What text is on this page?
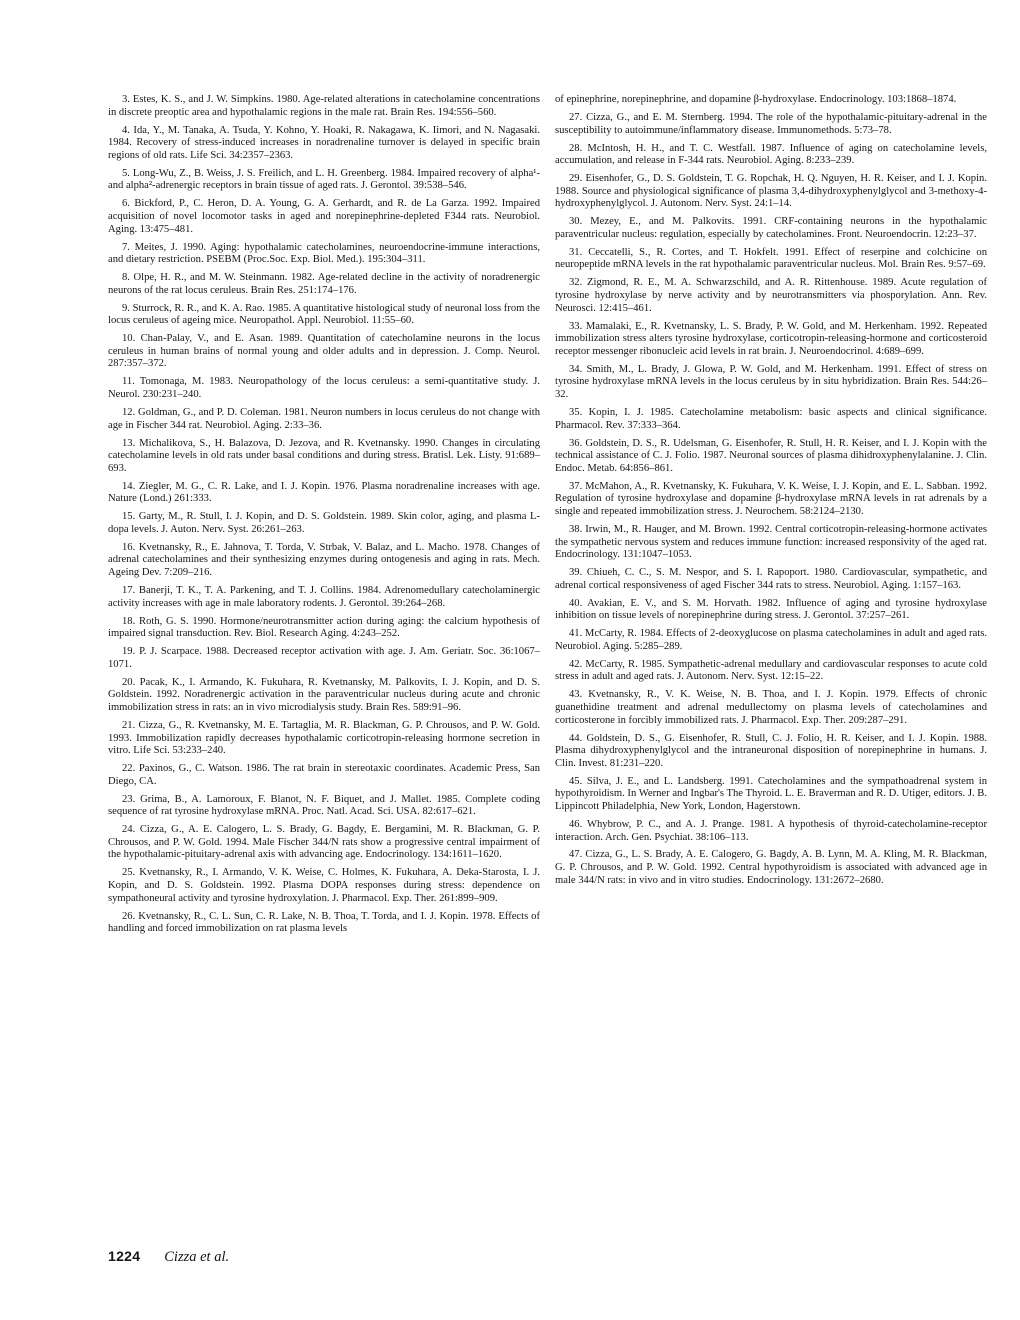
3. Estes, K. S., and J. W. Simpkins. 1980. Age-related alterations in catecholamine concentrations in discrete preoptic area and hypothalamic regions in the male rat. Brain Res. 194:556–560.

4. Ida, Y., M. Tanaka, A. Tsuda, Y. Kohno, Y. Hoaki, R. Nakagawa, K. Iimori, and N. Nagasaki. 1984. Recovery of stress-induced increases in noradrenaline turnover is delayed in specific brain regions of old rats. Life Sci. 34:2357–2363.

5. Long-Wu, Z., B. Weiss, J. S. Freilich, and L. H. Greenberg. 1984. Impaired recovery of alpha¹- and alpha²-adrenergic receptors in brain tissue of aged rats. J. Gerontol. 39:538–546.

6. Bickford, P., C. Heron, D. A. Young, G. A. Gerhardt, and R. de La Garza. 1992. Impaired acquisition of novel locomotor tasks in aged and norepinephrine-depleted F344 rats. Neurobiol. Aging. 13:475–481.

7. Meites, J. 1990. Aging: hypothalamic catecholamines, neuroendocrine-immune interactions, and dietary restriction. PSEBM (Proc.Soc. Exp. Biol. Med.). 195:304–311.

8. Olpe, H. R., and M. W. Steinmann. 1982. Age-related decline in the activity of noradrenergic neurons of the rat locus ceruleus. Brain Res. 251:174–176.

9. Sturrock, R. R., and K. A. Rao. 1985. A quantitative histological study of neuronal loss from the locus ceruleus of ageing mice. Neuropathol. Appl. Neurobiol. 11:55–60.

10. Chan-Palay, V., and E. Asan. 1989. Quantitation of catecholamine neurons in the locus ceruleus in human brains of normal young and older adults and in depression. J. Comp. Neurol. 287:357–372.

11. Tomonaga, M. 1983. Neuropathology of the locus ceruleus: a semi-quantitative study. J. Neurol. 230:231–240.

12. Goldman, G., and P. D. Coleman. 1981. Neuron numbers in locus ceruleus do not change with age in Fischer 344 rat. Neurobiol. Aging. 2:33–36.

13. Michalikova, S., H. Balazova, D. Jezova, and R. Kvetnansky. 1990. Changes in circulating catecholamine levels in old rats under basal conditions and during stress. Bratisl. Lek. Listy. 91:689–693.

14. Ziegler, M. G., C. R. Lake, and I. J. Kopin. 1976. Plasma noradrenaline increases with age. Nature (Lond.) 261:333.

15. Garty, M., R. Stull, I. J. Kopin, and D. S. Goldstein. 1989. Skin color, aging, and plasma L-dopa levels. J. Auton. Nerv. Syst. 26:261–263.

16. Kvetnansky, R., E. Jahnova, T. Torda, V. Strbak, V. Balaz, and L. Macho. 1978. Changes of adrenal catecholamines and their synthesizing enzymes during ontogenesis and aging in rats. Mech. Ageing Dev. 7:209–216.

17. Banerji, T. K., T. A. Parkening, and T. J. Collins. 1984. Adrenomedullary catecholaminergic activity increases with age in male laboratory rodents. J. Gerontol. 39:264–268.

18. Roth, G. S. 1990. Hormone/neurotransmitter action during aging: the calcium hypothesis of impaired signal transduction. Rev. Biol. Research Aging. 4:243–252.

19. P. J. Scarpace. 1988. Decreased receptor activation with age. J. Am. Geriatr. Soc. 36:1067–1071.

20. Pacak, K., I. Armando, K. Fukuhara, R. Kvetnansky, M. Palkovits, I. J. Kopin, and D. S. Goldstein. 1992. Noradrenergic activation in the paraventricular nucleus during acute and chronic immobilization stress in rats: an in vivo microdialysis study. Brain Res. 589:91–96.

21. Cizza, G., R. Kvetnansky, M. E. Tartaglia, M. R. Blackman, G. P. Chrousos, and P. W. Gold. 1993. Immobilization rapidly decreases hypothalamic corticotropin-releasing hormone secretion in vitro. Life Sci. 53:233–240.

22. Paxinos, G., C. Watson. 1986. The rat brain in stereotaxic coordinates. Academic Press, San Diego, CA.

23. Grima, B., A. Lamoroux, F. Blanot, N. F. Biquet, and J. Mallet. 1985. Complete coding sequence of rat tyrosine hydroxylase mRNA. Proc. Natl. Acad. Sci. USA. 82:617–621.

24. Cizza, G., A. E. Calogero, L. S. Brady, G. Bagdy, E. Bergamini, M. R. Blackman, G. P. Chrousos, and P. W. Gold. 1994. Male Fischer 344/N rats show a progressive central impairment of the hypothalamic-pituitary-adrenal axis with advancing age. Endocrinology. 134:1611–1620.

25. Kvetnansky, R., I. Armando, V. K. Weise, C. Holmes, K. Fukuhara, A. Deka-Starosta, I. J. Kopin, and D. S. Goldstein. 1992. Plasma DOPA responses during stress: dependence on sympathoneural activity and tyrosine hydroxylation. J. Pharmacol. Exp. Ther. 261:899–909.

26. Kvetnansky, R., C. L. Sun, C. R. Lake, N. B. Thoa, T. Torda, and I. J. Kopin. 1978. Effects of handling and forced immobilization on rat plasma levels

of epinephrine, norepinephrine, and dopamine β-hydroxylase. Endocrinology. 103:1868–1874.

27. Cizza, G., and E. M. Sternberg. 1994. The role of the hypothalamic-pituitary-adrenal in the susceptibility to autoimmune/inflammatory disease. Immunomethods. 5:73–78.

28. McIntosh, H. H., and T. C. Westfall. 1987. Influence of aging on catecholamine levels, accumulation, and release in F-344 rats. Neurobiol. Aging. 8:233–239.

29. Eisenhofer, G., D. S. Goldstein, T. G. Ropchak, H. Q. Nguyen, H. R. Keiser, and I. J. Kopin. 1988. Source and physiological significance of plasma 3,4-dihydroxyphenylglycol and 3-methoxy-4-hydroxyphenylglycol. J. Autonom. Nerv. Syst. 24:1–14.

30. Mezey, E., and M. Palkovits. 1991. CRF-containing neurons in the hypothalamic paraventricular nucleus: regulation, especially by catecholamines. Front. Neuroendocrin. 12:23–37.

31. Ceccatelli, S., R. Cortes, and T. Hokfelt. 1991. Effect of reserpine and colchicine on neuropeptide mRNA levels in the rat hypothalamic paraventricular nucleus. Mol. Brain Res. 9:57–69.

32. Zigmond, R. E., M. A. Schwarzschild, and A. R. Rittenhouse. 1989. Acute regulation of tyrosine hydroxylase by nerve activity and by neurotransmitters via phosporylation. Ann. Rev. Neurosci. 12:415–461.

33. Mamalaki, E., R. Kvetnansky, L. S. Brady, P. W. Gold, and M. Herkenham. 1992. Repeated immobilization stress alters tyrosine hydroxylase, corticotropin-releasing-hormone and corticosteroid receptor messenger ribonucleic acid levels in rat brain. J. Neuroendocrinol. 4:689–699.

34. Smith, M., L. Brady, J. Glowa, P. W. Gold, and M. Herkenham. 1991. Effect of stress on tyrosine hydroxylase mRNA levels in the locus ceruleus by in situ hybridization. Brain Res. 544:26–32.

35. Kopin, I. J. 1985. Catecholamine metabolism: basic aspects and clinical significance. Pharmacol. Rev. 37:333–364.

36. Goldstein, D. S., R. Udelsman, G. Eisenhofer, R. Stull, H. R. Keiser, and I. J. Kopin with the technical assistance of C. J. Folio. 1987. Neuronal sources of plasma dihidroxyphenylalanine. J. Clin. Endoc. Metab. 64:856–861.

37. McMahon, A., R. Kvetnansky, K. Fukuhara, V. K. Weise, I. J. Kopin, and E. L. Sabban. 1992. Regulation of tyrosine hydroxylase and dopamine β-hydroxylase mRNA levels in rat adrenals by a single and repeated immobilization stress. J. Neurochem. 58:2124–2130.

38. Irwin, M., R. Hauger, and M. Brown. 1992. Central corticotropin-releasing-hormone activates the sympathetic nervous system and reduces immune function: increased responsivity of the aged rat. Endocrinology. 131:1047–1053.

39. Chiueh, C. C., S. M. Nespor, and S. I. Rapoport. 1980. Cardiovascular, sympathetic, and adrenal cortical responsiveness of aged Fischer 344 rats to stress. Neurobiol. Aging. 1:157–163.

40. Avakian, E. V., and S. M. Horvath. 1982. Influence of aging and tyrosine hydroxylase inhibition on tissue levels of norepinephrine during stress. J. Gerontol. 37:257–261.

41. McCarty, R. 1984. Effects of 2-deoxyglucose on plasma catecholamines in adult and aged rats. Neurobiol. Aging. 5:285–289.

42. McCarty, R. 1985. Sympathetic-adrenal medullary and cardiovascular responses to acute cold stress in adult and aged rats. J. Autonom. Nerv. Syst. 12:15–22.

43. Kvetnansky, R., V. K. Weise, N. B. Thoa, and I. J. Kopin. 1979. Effects of chronic guanethidine treatment and adrenal medullectomy on plasma levels of catecholamines and corticosterone in forcibly immobilized rats. J. Pharmacol. Exp. Ther. 209:287–291.

44. Goldstein, D. S., G. Eisenhofer, R. Stull, C. J. Folio, H. R. Keiser, and I. J. Kopin. 1988. Plasma dihydroxyphenylglycol and the intraneuronal disposition of norepinephrine in humans. J. Clin. Invest. 81:231–220.

45. Silva, J. E., and L. Landsberg. 1991. Catecholamines and the sympathoadrenal system in hypothyroidism. In Werner and Ingbar's The Thyroid. L. E. Braverman and R. D. Utiger, editors. J. B. Lippincott Philadelphia, New York, London, Hagerstown.

46. Whybrow, P. C., and A. J. Prange. 1981. A hypothesis of thyroid-catecholamine-receptor interaction. Arch. Gen. Psychiat. 38:106–113.

47. Cizza, G., L. S. Brady, A. E. Calogero, G. Bagdy, A. B. Lynn, M. A. Kling, M. R. Blackman, G. P. Chrousos, and P. W. Gold. 1992. Central hypothyroidism is associated with advanced age in male 344/N rats: in vivo and in vitro studies. Endocrinology. 131:2672–2680.

1224 Cizza et al.
